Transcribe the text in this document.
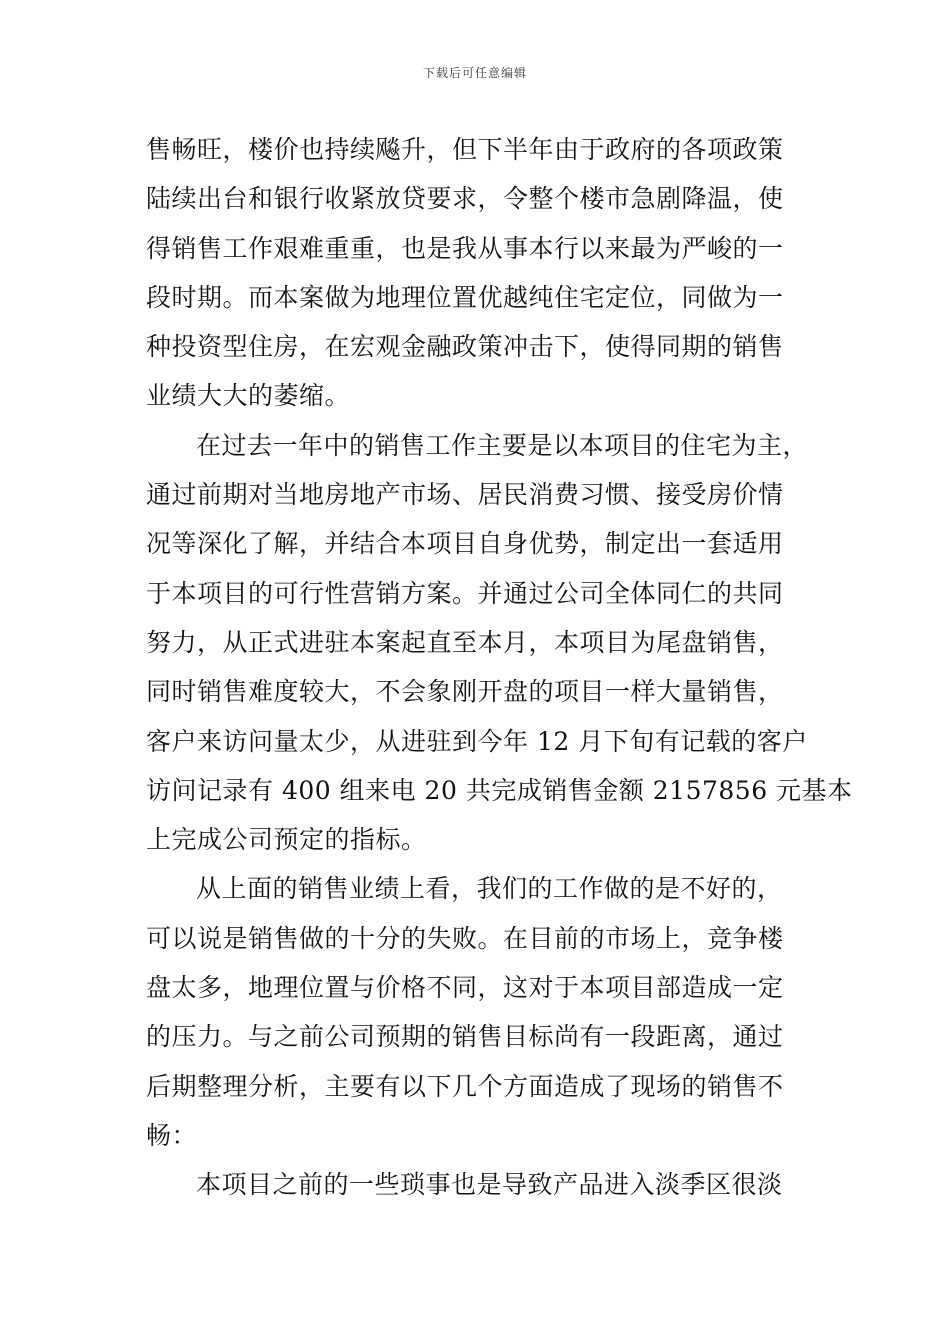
下载后可任意编辑
售畅旺，楼价也持续飚升，但下半年由于政府的各项政策
陆续出台和银行收紧放贷要求，令整个楼市急剧降温，使
得销售工作艰难重重，也是我从事本行以来最为严峻的一
段时期。而本案做为地理位置优越纯住宅定位，同做为一
种投资型住房，在宏观金融政策冲击下，使得同期的销售
业绩大大的萎缩。
在过去一年中的销售工作主要是以本项目的住宅为主，
通过前期对当地房地产市场、居民消费习惯、接受房价情
况等深化了解，并结合本项目自身优势，制定出一套适用
于本项目的可行性营销方案。并通过公司全体同仁的共同
努力，从正式进驻本案起直至本月，本项目为尾盘销售，
同时销售难度较大，不会象刚开盘的项目一样大量销售，
客户来访问量太少，从进驻到今年 12 月下旬有记载的客户
访问记录有 400 组来电 20 共完成销售金额 2157856 元基本
上完成公司预定的指标。
从上面的销售业绩上看，我们的工作做的是不好的，
可以说是销售做的十分的失败。在目前的市场上，竞争楼
盘太多，地理位置与价格不同，这对于本项目部造成一定
的压力。与之前公司预期的销售目标尚有一段距离，通过
后期整理分析，主要有以下几个方面造成了现场的销售不
畅：
本项目之前的一些琐事也是导致产品进入淡季区很淡
